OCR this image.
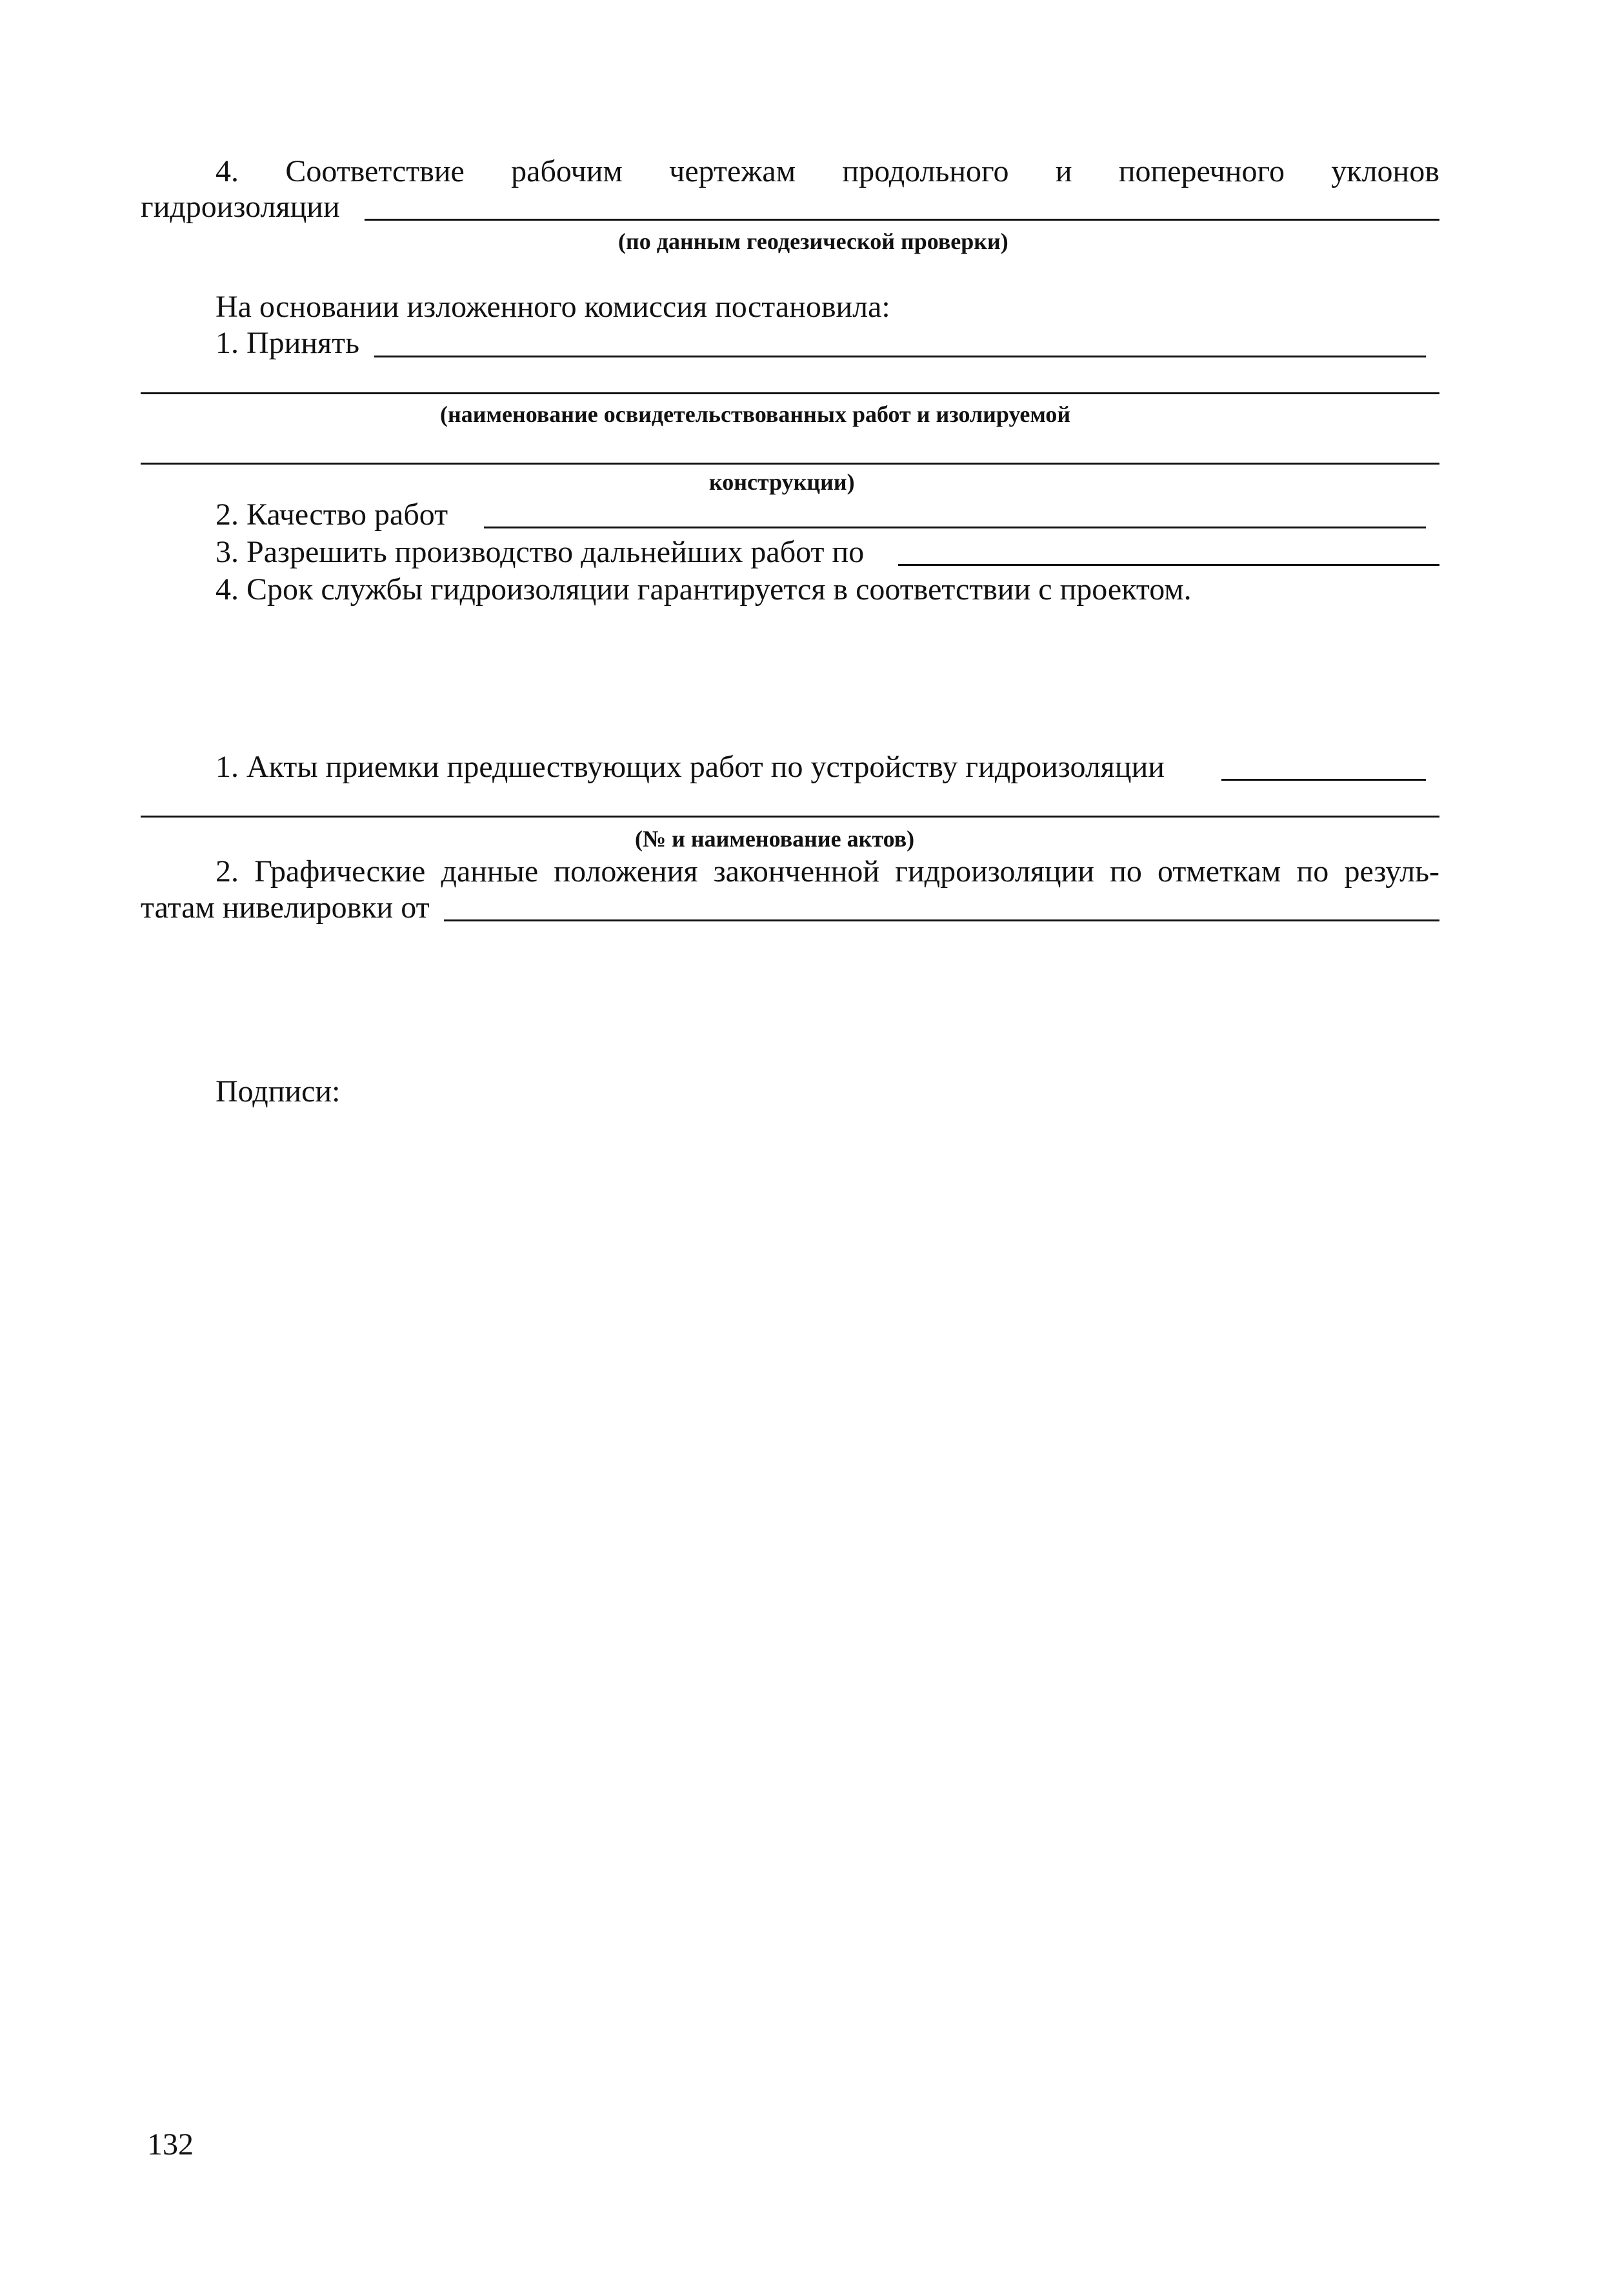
4. Соответствие рабочим чертежам продольного и поперечного уклонов
гидроизоляции
(по данным геодезической проверки)
На основании изложенного комиссия постановила:
1. Принять
(наименование освидетельствованных работ и изолируемой
конструкции)
2. Качество работ
3. Разрешить производство дальнейших работ по
4. Срок службы гидроизоляции гарантируется в соответствии с проектом.
1. Акты приемки предшествующих работ по устройству гидроизоляции
(№ и наименование актов)
2. Графические данные положения законченной гидроизоляции по отметкам по резуль-
татам нивелировки от
Подписи:
132
